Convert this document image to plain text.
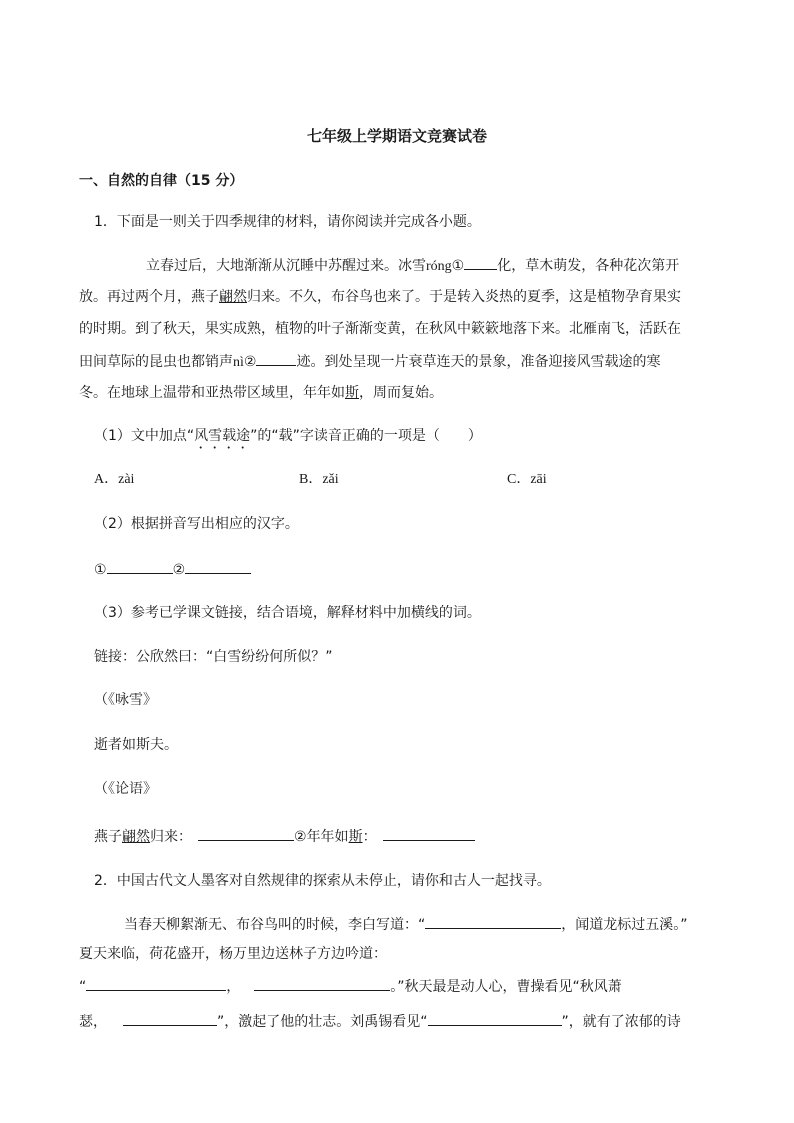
七年级上学期语文竞赛试卷
一、自然的自律（15 分）
1．下面是一则关于四季规律的材料，请你阅读并完成各小题。
立春过后，大地渐渐从沉睡中苏醒过来。冰雪róng① 化，草木萌发，各种花次第开
放。再过两个月，燕子翩然归来。不久，布谷鸟也来了。于是转入炎热的夏季，这是植物孕育果实
的时期。到了秋天，果实成熟，植物的叶子渐渐变黄，在秋风中簌簌地落下来。北雁南飞，活跃在
田间草际的昆虫也都销声nì②	迹。到处呈现一片衰草连天的景象，准备迎接风雪载途的寒
冬。在地球上温带和亚热带区域里，年年如斯，周而复始。
（1）文中加点“风雪载途”的“载”字读音正确的一项是（　　）
A．zài	B．zǎi	C．zāi
（2）根据拼音写出相应的汉字。
①	②
（3）参考已学课文链接，结合语境，解释材料中加横线的词。
链接：公欣然曰：“白雪纷纷何所似？”
（《咏雪》
逝者如斯夫。
（《论语》
燕子翩然归来：	②年年如斯：
2．中国古代文人墨客对自然规律的探索从未停止，请你和古人一起找寻。
当春天柳絮渐无、布谷鸟叫的时候，李白写道：“	，闻道龙标过五溪。”
夏天来临，荷花盛开，杨万里边送林子方边吟道：
“	，	。”秋天最是动人心，曹操看见“秋风萧
瑟，	”，激起了他的壮志。刘禹锡看见“	”，就有了浓郁的诗
